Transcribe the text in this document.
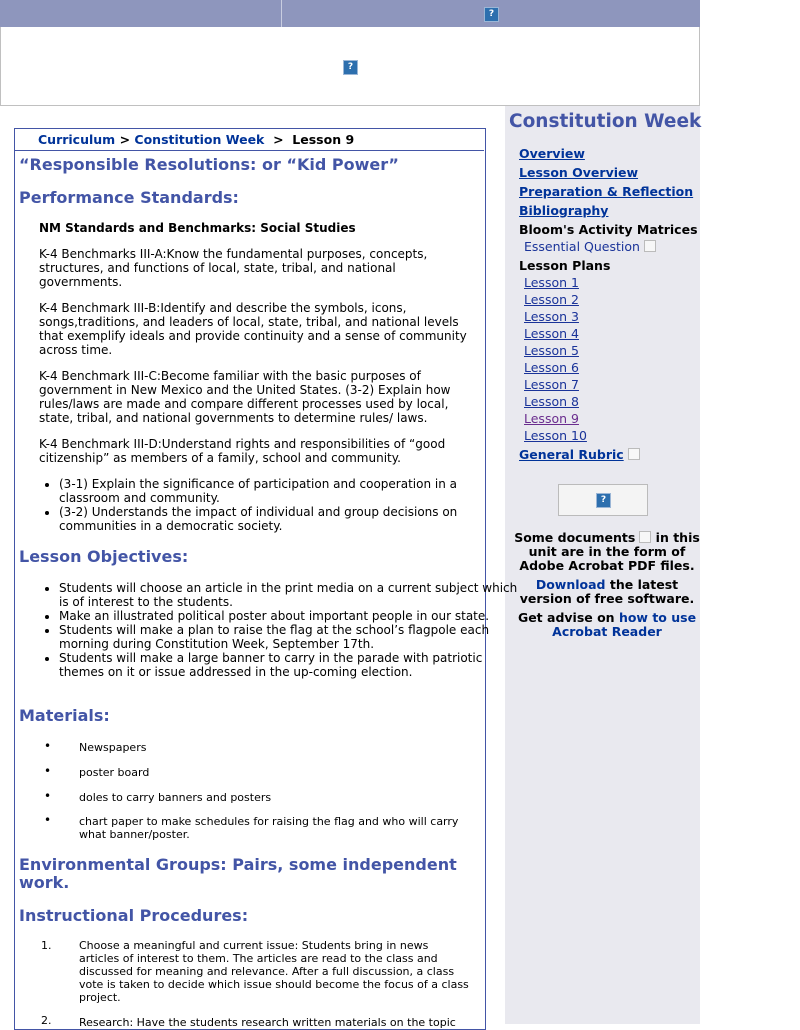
?
?
Constitution Week
Overview
Lesson Overview
Preparation & Reflection
Bibliography
Bloom's Activity Matrices
Essential Question
Lesson Plans
Lesson 1
Lesson 2
Lesson 3
Lesson 4
Lesson 5
Lesson 6
Lesson 7
Lesson 8
Lesson 9
Lesson 10
General Rubric
?
Some documents in this unit are in the form of Adobe Acrobat PDF files.
Download the latest version of free software.
Get advise on how to use Acrobat Reader
Curriculum > Constitution Week > Lesson 9
“Responsible Resolutions: or “Kid Power”
Performance Standards:
NM Standards and Benchmarks: Social Studies
K-4 Benchmarks III-A:Know the fundamental purposes, concepts, structures, and functions of local, state, tribal, and national governments.
K-4 Benchmark III-B:Identify and describe the symbols, icons, songs,traditions, and leaders of local, state, tribal, and national levels that exemplify ideals and provide continuity and a sense of community across time.
K-4 Benchmark III-C:Become familiar with the basic purposes of government in New Mexico and the United States. (3-2) Explain how rules/laws are made and compare different processes used by local, state, tribal, and national governments to determine rules/ laws.
K-4 Benchmark III-D:Understand rights and responsibilities of “good citizenship” as members of a family, school and community.
• (3-1) Explain the significance of participation and cooperation in a classroom and community.
• (3-2) Understands the impact of individual and group decisions on communities in a democratic society.
Lesson Objectives:
• Students will choose an article in the print media on a current subject which is of interest to the students.
• Make an illustrated political poster about important people in our state.
• Students will make a plan to raise the flag at the school’s flagpole each morning during Constitution Week, September 17th.
• Students will make a large banner to carry in the parade with patriotic themes on it or issue addressed in the up-coming election.
Materials:
•	Newspapers
•	poster board
•	doles to carry banners and posters
•	chart paper to make schedules for raising the flag and who will carry what banner/poster.
Environmental Groups: Pairs, some independent work.
Instructional Procedures:
1.	Choose a meaningful and current issue: Students bring in news articles of interest to them. The articles are read to the class and discussed for meaning and relevance. After a full discussion, a class vote is taken to decide which issue should become the focus of a class project.
2.	Research: Have the students research written materials on the topic
